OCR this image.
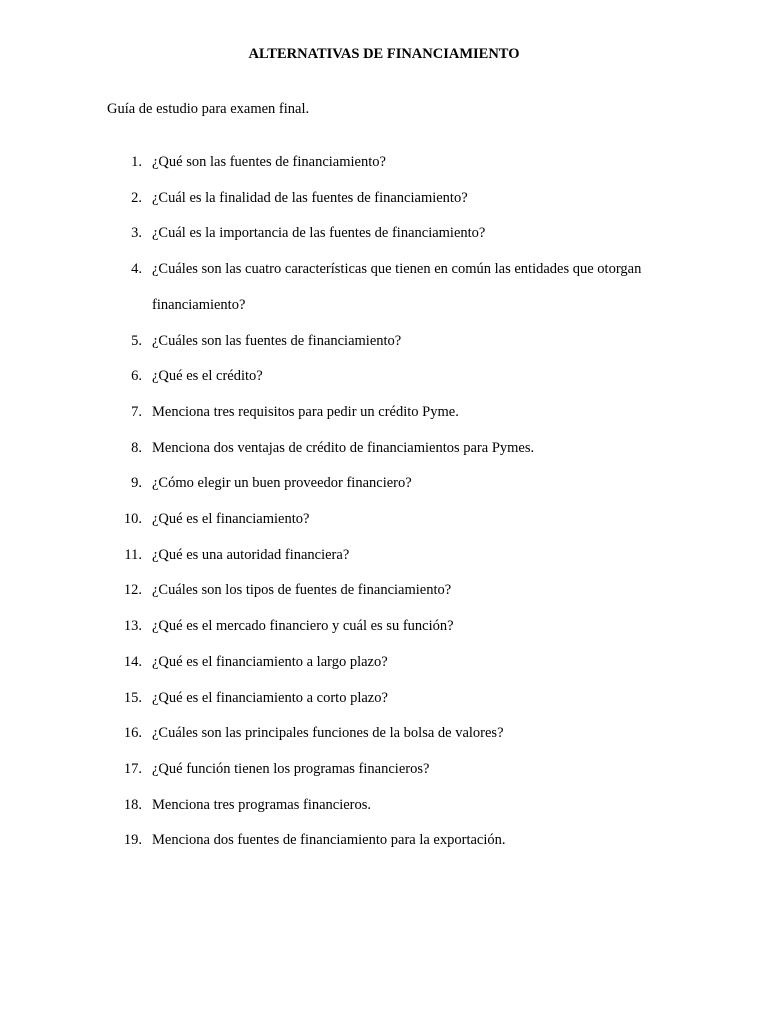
ALTERNATIVAS DE FINANCIAMIENTO
Guía de estudio para examen final.
1. ¿Qué son las fuentes de financiamiento?
2. ¿Cuál es la finalidad de las fuentes de financiamiento?
3. ¿Cuál es la importancia de las fuentes de financiamiento?
4. ¿Cuáles son las cuatro características que tienen en común las entidades que otorgan financiamiento?
5. ¿Cuáles son las fuentes de financiamiento?
6. ¿Qué es el crédito?
7. Menciona tres requisitos para pedir un crédito Pyme.
8. Menciona dos ventajas de crédito de financiamientos para Pymes.
9. ¿Cómo elegir un buen proveedor financiero?
10. ¿Qué es el financiamiento?
11. ¿Qué es una autoridad financiera?
12. ¿Cuáles son los tipos de fuentes de financiamiento?
13. ¿Qué es el mercado financiero y cuál es su función?
14. ¿Qué es el financiamiento a largo plazo?
15. ¿Qué es el financiamiento a corto plazo?
16. ¿Cuáles son las principales funciones de la bolsa de valores?
17. ¿Qué función tienen los programas financieros?
18. Menciona tres programas financieros.
19. Menciona dos fuentes de financiamiento para la exportación.
